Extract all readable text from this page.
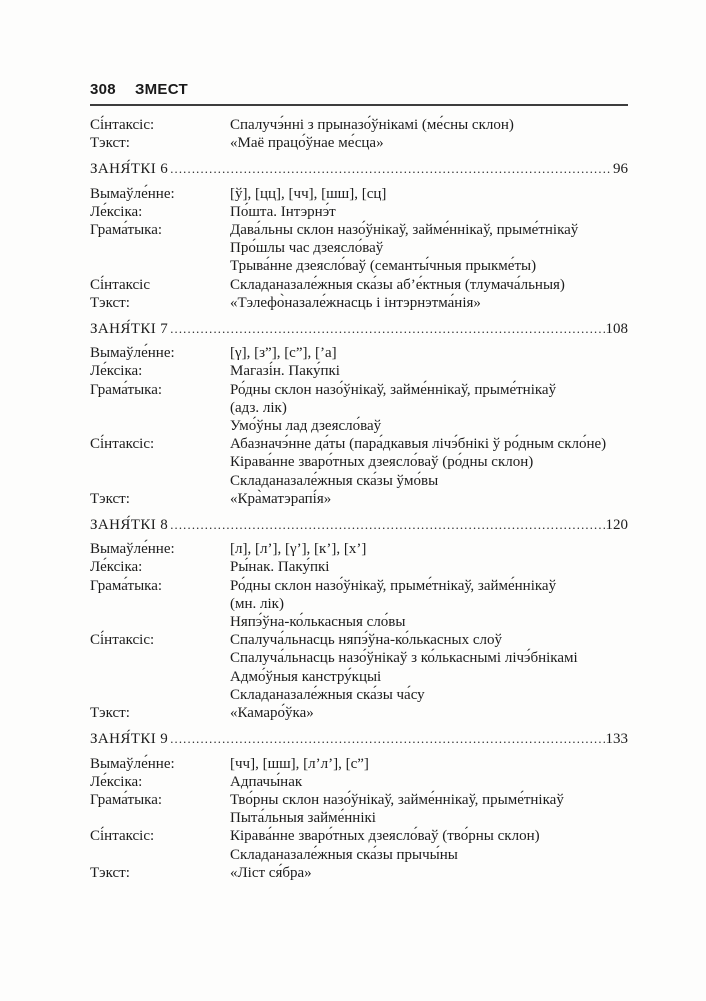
308 ЗМЕСТ
Сі́нтаксіс:	Спалучэ́нні з прыназо́ўнікамі (ме́сны склон)
Тэкст:	«Маё працо́ўнае ме́сца»
ЗАНЯ́ТКІ 6 .....	96
Вымаўле́нне:	[ў], [цц], [чч], [шш], [сц]
Ле́ксіка:	По́шта. Інтэрнэ́т
Грама́тыка:	Дава́льны склон назо́ўнікаў, займе́ннікаў, прыме́тнікаў
Про́шлы час дзеясло́ваў
Трыва́нне дзеясло́ваў (семанты́чныя прыкме́ты)
Сі́нтаксіс	Складаназале́жныя ска́зы аб’е́ктныя (тлумача́льныя)
Тэкст:	«Тэлефо̀назале́жнасць і інтэрнэтма́нія»
ЗАНЯ́ТКІ 7 .....	108
Вымаўле́нне:	[γ], [з”], [с”], [’а]
Ле́ксіка:	Магазі́н. Паку́пкі
Грама́тыка:	Ро́дны склон назо́ўнікаў, займе́ннікаў, прыме́тнікаў
(адз. лік)
Умо́ўны лад дзеясло́ваў
Сі́нтаксіс:	Абазначэ́нне да́ты (пара́дкавыя лічэ́бнікі ў ро́дным скло́не)
Кірава́нне зваро́тных дзеясло́ваў (ро́дны склон)
Складаназале́жныя ска́зы ўмо́вы
Тэкст:	«Кра̀матэрапі́я»
ЗАНЯ́ТКІ 8 .....	120
Вымаўле́нне:	[л], [л’], [γ’], [к’], [х’]
Ле́ксіка:	Ры́нак. Паку́пкі
Грама́тыка:	Ро́дны склон назо́ўнікаў, прыме́тнікаў, займе́ннікаў
(мн. лік)
Няпэ́ўна-ко́лькасныя сло́вы
Сі́нтаксіс:	Спалуча́льнасць няпэ́ўна-ко́лькасных слоў
Спалуча́льнасць назо́ўнікаў з ко́лькаснымі лічэ́бнікамі
Адмо́ўныя канстру́кцыі
Складаназале́жныя ска́зы ча́су
Тэкст:	«Камаро́ўка»
ЗАНЯ́ТКІ 9 .....	133
Вымаўле́нне:	[чч], [шш], [л’л’], [с”]
Ле́ксіка:	Адпачы́нак
Грама́тыка:	Тво́рны склон назо́ўнікаў, займе́ннікаў, прыме́тнікаў
Пыта́льныя займе́ннікі
Сі́нтаксіс:	Кірава́нне зваро́тных дзеясло́ваў (тво́рны склон)
Складаназале́жныя ска́зы прычы́ны
Тэкст:	«Ліст ся́бра»
